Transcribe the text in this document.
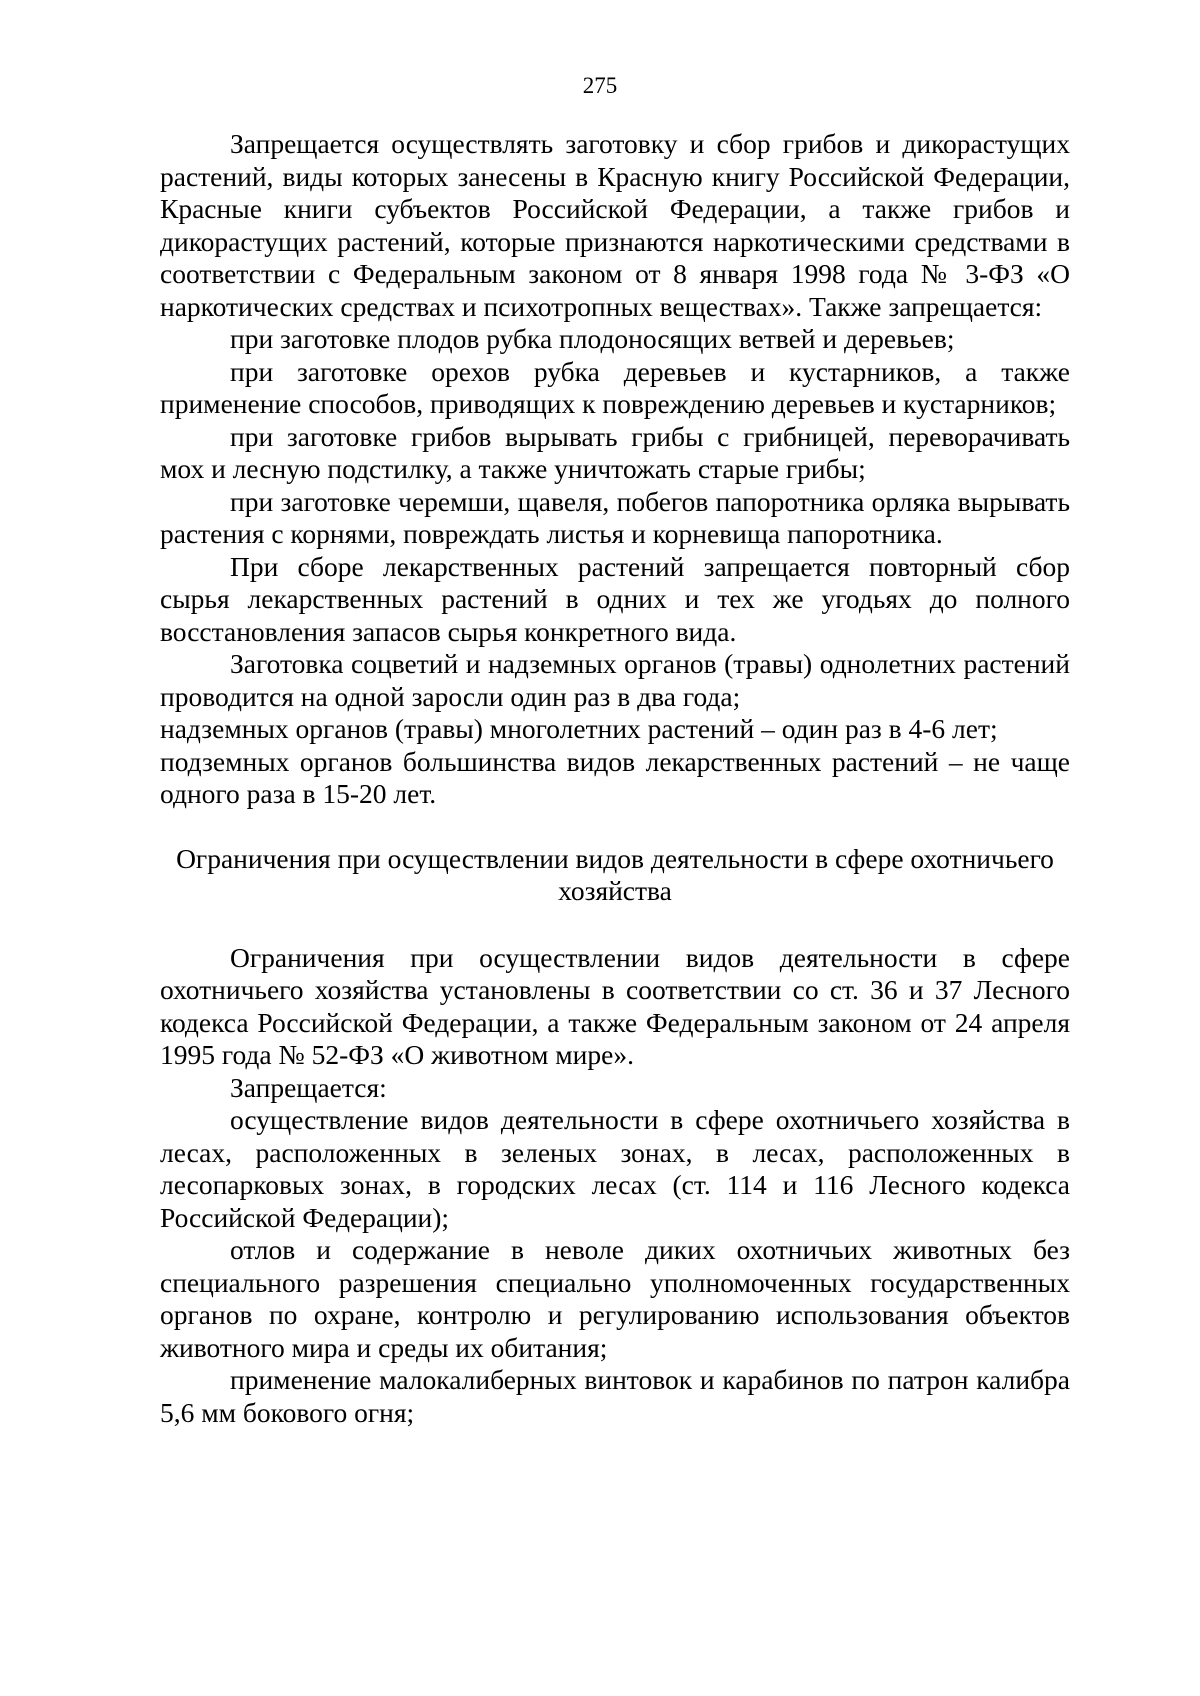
275

Запрещается осуществлять заготовку и сбор грибов и дикорастущих растений, виды которых занесены в Красную книгу Российской Федерации, Красные книги субъектов Российской Федерации, а также грибов и дикорастущих растений, которые признаются наркотическими средствами в соответствии с Федеральным законом от 8 января 1998 года № 3-ФЗ «О наркотических средствах и психотропных веществах». Также запрещается:

при заготовке плодов рубка плодоносящих ветвей и деревьев;

при заготовке орехов рубка деревьев и кустарников, а также применение способов, приводящих к повреждению деревьев и кустарников;

при заготовке грибов вырывать грибы с грибницей, переворачивать мох и лесную подстилку, а также уничтожать старые грибы;

при заготовке черемши, щавеля, побегов папоротника орляка вырывать растения с корнями, повреждать листья и корневища папоротника.

При сборе лекарственных растений запрещается повторный сбор сырья лекарственных растений в одних и тех же угодьях до полного восстановления запасов сырья конкретного вида.

Заготовка соцветий и надземных органов (травы) однолетних растений проводится на одной заросли один раз в два года;

надземных органов (травы) многолетних растений – один раз в 4-6 лет;

подземных органов большинства видов лекарственных растений – не чаще одного раза в 15-20 лет.

Ограничения при осуществлении видов деятельности в сфере охотничьего хозяйства

Ограничения при осуществлении видов деятельности в сфере охотничьего хозяйства установлены в соответствии со ст. 36 и 37 Лесного кодекса Российской Федерации, а также Федеральным законом от 24 апреля 1995 года № 52-ФЗ «О животном мире».

Запрещается:

осуществление видов деятельности в сфере охотничьего хозяйства в лесах, расположенных в зеленых зонах, в лесах, расположенных в лесопарковых зонах, в городских лесах (ст. 114 и 116 Лесного кодекса Российской Федерации);

отлов и содержание в неволе диких охотничьих животных без специального разрешения специально уполномоченных государственных органов по охране, контролю и регулированию использования объектов животного мира и среды их обитания;

применение малокалиберных винтовок и карабинов по патрон калибра 5,6 мм бокового огня;
